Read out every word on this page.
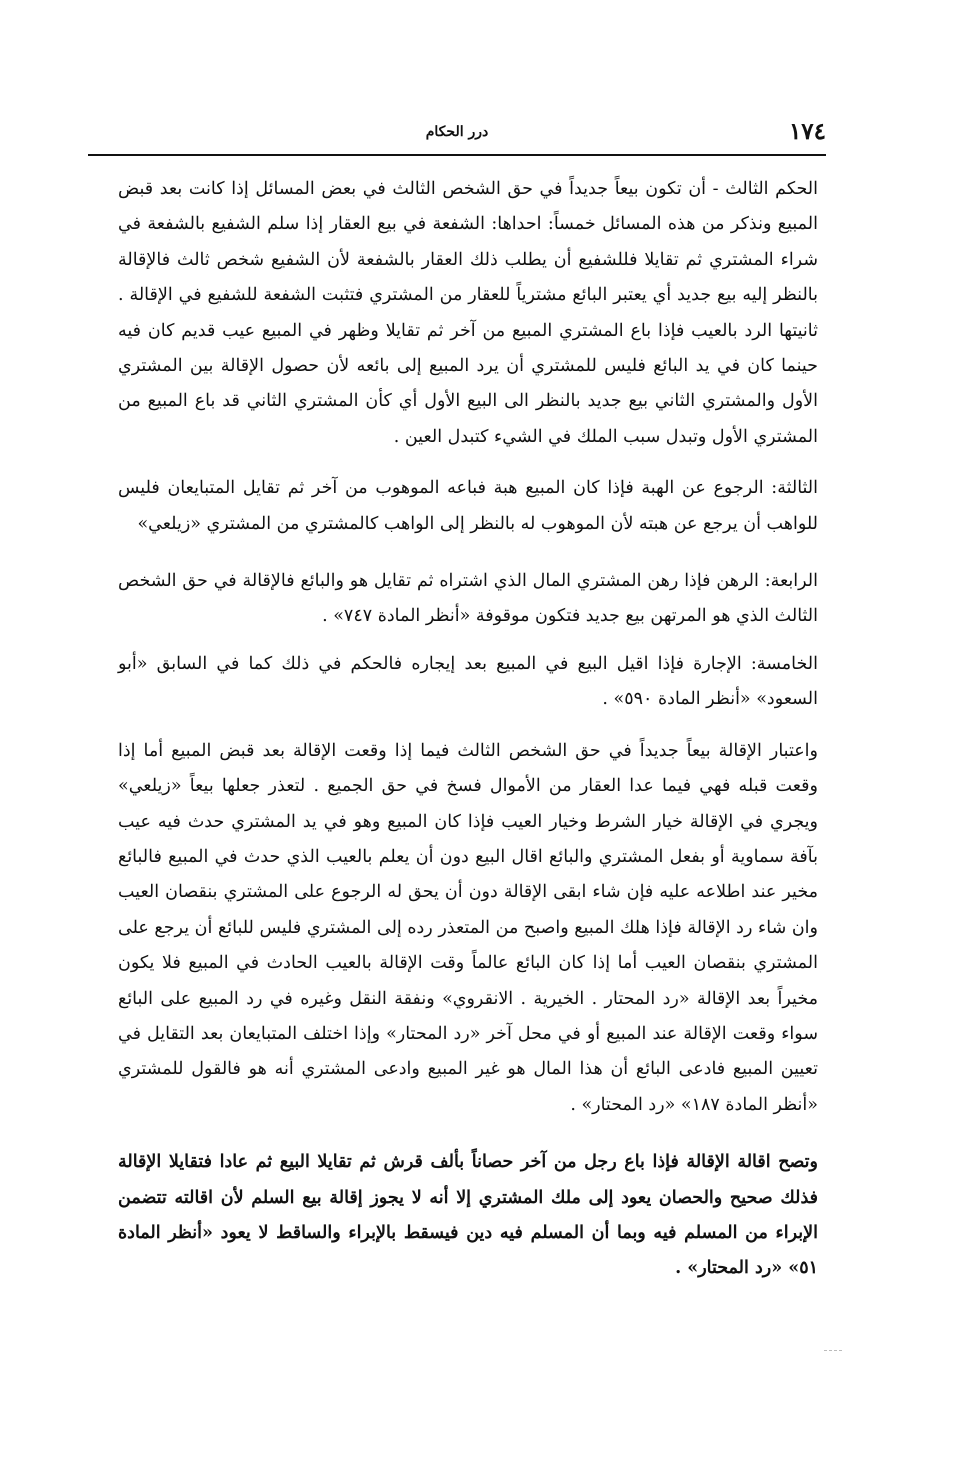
١٧٤
درر الحكام

الحكم الثالث - أن تكون بيعاً جديداً في حق الشخص الثالث في بعض المسائل إذا كانت بعد قبض المبيع ونذكر من هذه المسائل خمساً: احداها: الشفعة في بيع العقار إذا سلم الشفيع بالشفعة في شراء المشتري ثم تقايلا فللشفيع أن يطلب ذلك العقار بالشفعة لأن الشفيع شخص ثالث فالإقالة بالنظر إليه بيع جديد أي يعتبر البائع مشترياً للعقار من المشتري فتثبت الشفعة للشفيع في الإقالة . ثانيتها الرد بالعيب فإذا باع المشتري المبيع من آخر ثم تقايلا وظهر في المبيع عيب قديم كان فيه حينما كان في يد البائع فليس للمشتري أن يرد المبيع إلى بائعه لأن حصول الإقالة بين المشتري الأول والمشتري الثاني بيع جديد بالنظر الى البيع الأول أي كأن المشتري الثاني قد باع المبيع من المشتري الأول وتبدل سبب الملك في الشيء كتبدل العين .

الثالثة: الرجوع عن الهبة فإذا كان المبيع هبة فباعه الموهوب من آخر ثم تقايل المتبايعان فليس للواهب أن يرجع عن هبته لأن الموهوب له بالنظر إلى الواهب كالمشتري من المشتري «زيلعي»

الرابعة: الرهن فإذا رهن المشتري المال الذي اشتراه ثم تقايل هو والبائع فالإقالة في حق الشخص الثالث الذي هو المرتهن بيع جديد فتكون موقوفة «أنظر المادة ٧٤٧» .

الخامسة: الإجارة فإذا اقيل البيع في المبيع بعد إيجاره فالحكم في ذلك كما في السابق «أبو السعود» «أنظر المادة ٥٩٠» .

واعتبار الإقالة بيعاً جديداً في حق الشخص الثالث فيما إذا وقعت الإقالة بعد قبض المبيع أما إذا وقعت قبله فهي فيما عدا العقار من الأموال فسخ في حق الجميع . لتعذر جعلها بيعاً «زيلعي» ويجري في الإقالة خيار الشرط وخيار العيب فإذا كان المبيع وهو في يد المشتري حدث فيه عيب بآفة سماوية أو بفعل المشتري والبائع اقال البيع دون أن يعلم بالعيب الذي حدث في المبيع فالبائع مخير عند اطلاعه عليه فإن شاء ابقى الإقالة دون أن يحق له الرجوع على المشتري بنقصان العيب وان شاء رد الإقالة فإذا هلك المبيع واصبح من المتعذر رده إلى المشتري فليس للبائع أن يرجع على المشتري بنقصان العيب أما إذا كان البائع عالماً وقت الإقالة بالعيب الحادث في المبيع فلا يكون مخيراً بعد الإقالة «رد المحتار . الخيرية . الانقروي» ونفقة النقل وغيره في رد المبيع على البائع سواء وقعت الإقالة عند المبيع أو في محل آخر «رد المحتار» وإذا اختلف المتبايعان بعد التقايل في تعيين المبيع فادعى البائع أن هذا المال هو غير المبيع وادعى المشتري أنه هو فالقول للمشتري «أنظر المادة ١٨٧» «رد المحتار» .

وتصح اقالة الإقالة فإذا باع رجل من آخر حصاناً بألف قرش ثم تقايلا البيع ثم عادا فتقايلا الإقالة فذلك صحيح والحصان يعود إلى ملك المشتري إلا أنه لا يجوز إقالة بيع السلم لأن اقالته تتضمن الإبراء من المسلم فيه وبما أن المسلم فيه دين فيسقط بالإبراء والساقط لا يعود «أنظر المادة ٥١» «رد المحتار» .
